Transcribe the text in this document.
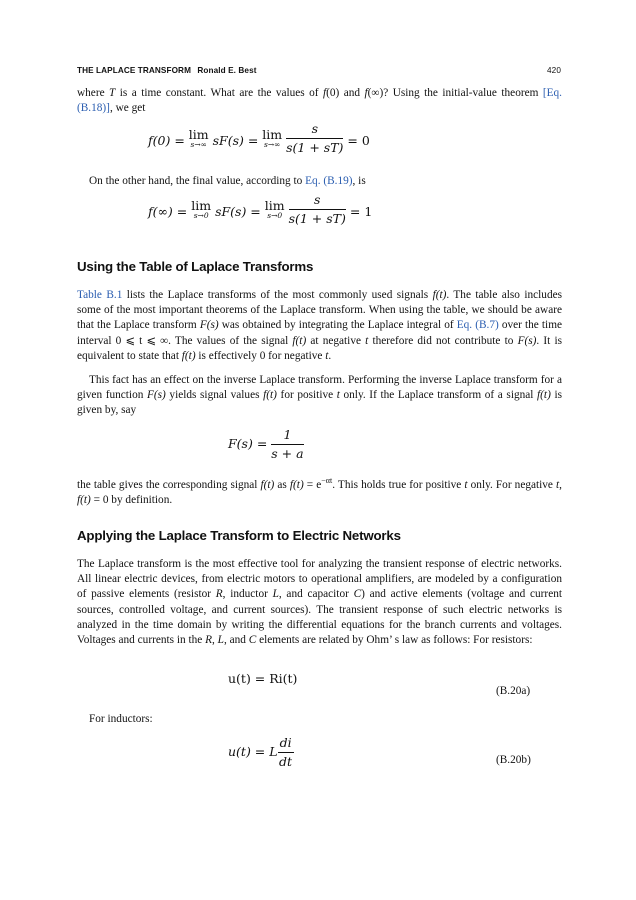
THE LAPLACE TRANSFORM Ronald E. Best	420
where T is a time constant. What are the values of f(0) and f(∞)? Using the initial-value theorem [Eq. (B.18)], we get
f(0) = lim
s→∞ sF(s) = lim
s→∞
$\frac{s}{s(1 + sT)} = 0$
On the other hand, the final value, according to Eq. (B.19), is
f(∞) = lim
s→0 sF(s) = lim
s→0
$\frac{s}{s(1 + sT)} = 1$
Using the Table of Laplace Transforms
Table B.1 lists the Laplace transforms of the most commonly used signals f(t). The table also includes some of the most important theorems of the Laplace transform. When using the table, we should be aware that the Laplace transform F(s) was obtained by integrating the Laplace integral of Eq. (B.7) over the time interval 0 ⩽ t ⩽ ∞. The values of the signal f(t) at negative t therefore did not contribute to F(s). It is equivalent to state that f(t) is effectively 0 for negative t.
This fact has an effect on the inverse Laplace transform. Performing the inverse Laplace transform for a given function F(s) yields signal values f(t) for positive t only. If the Laplace transform of a signal f(t) is given by, say
$F(s) = \frac{1}{s + a}$
the table gives the corresponding signal f(t) as $f(t) = e^{-\alpha t}$. This holds true for positive t only. For negative t, f(t) = 0 by definition.
Applying the Laplace Transform to Electric Networks
The Laplace transform is the most effective tool for analyzing the transient response of electric networks. All linear electric devices, from electric motors to operational amplifiers, are modeled by a configuration of passive elements (resistor R, inductor L, and capacitor C) and active elements (voltage and current sources, controlled voltage, and current sources). The transient response of such electric networks is analyzed in the time domain by writing the differential equations for the branch currents and voltages. Voltages and currents in the R, L, and C elements are related by Ohm’ s law as follows: For resistors:
u(t) = Ri(t)
(B.20a)
For inductors:
u(t) = L $\frac{di}{dt}$	(B.20b)
